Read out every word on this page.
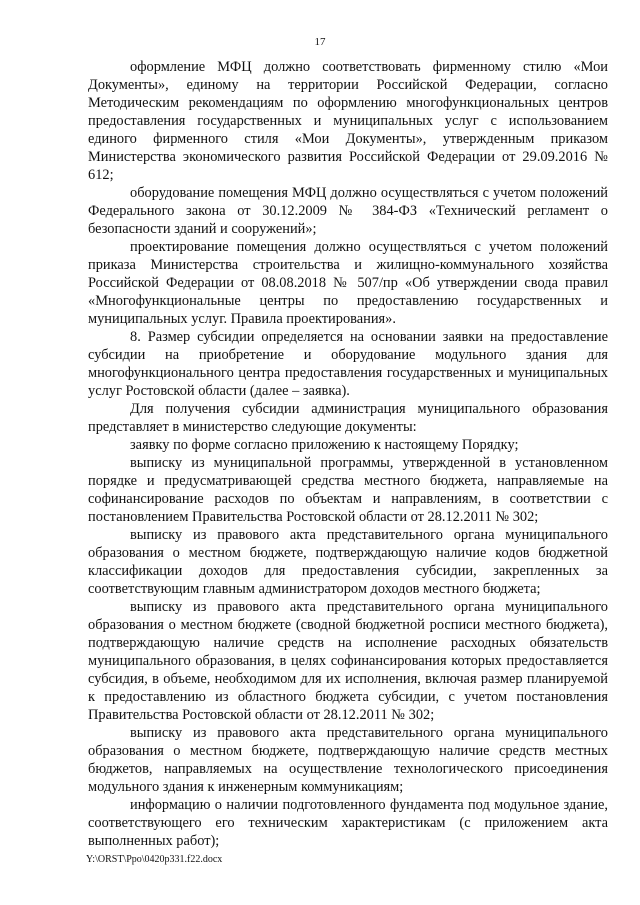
17

оформление МФЦ должно соответствовать фирменному стилю «Мои Документы», единому на территории Российской Федерации, согласно Методическим рекомендациям по оформлению многофункциональных центров предоставления государственных и муниципальных услуг с использованием единого фирменного стиля «Мои Документы», утвержденным приказом Министерства экономического развития Российской Федерации от 29.09.2016 № 612;

оборудование помещения МФЦ должно осуществляться с учетом положений Федерального закона от 30.12.2009 № 384-ФЗ «Технический регламент о безопасности зданий и сооружений»;

проектирование помещения должно осуществляться с учетом положений приказа Министерства строительства и жилищно-коммунального хозяйства Российской Федерации от 08.08.2018 № 507/пр «Об утверждении свода правил «Многофункциональные центры по предоставлению государственных и муниципальных услуг. Правила проектирования».

8. Размер субсидии определяется на основании заявки на предоставление субсидии на приобретение и оборудование модульного здания для многофункционального центра предоставления государственных и муниципальных услуг Ростовской области (далее – заявка).

Для получения субсидии администрация муниципального образования представляет в министерство следующие документы:

заявку по форме согласно приложению к настоящему Порядку;

выписку из муниципальной программы, утвержденной в установленном порядке и предусматривающей средства местного бюджета, направляемые на софинансирование расходов по объектам и направлениям, в соответствии с постановлением Правительства Ростовской области от 28.12.2011 № 302;

выписку из правового акта представительного органа муниципального образования о местном бюджете, подтверждающую наличие кодов бюджетной классификации доходов для предоставления субсидии, закрепленных за соответствующим главным администратором доходов местного бюджета;

выписку из правового акта представительного органа муниципального образования о местном бюджете (сводной бюджетной росписи местного бюджета), подтверждающую наличие средств на исполнение расходных обязательств муниципального образования, в целях софинансирования которых предоставляется субсидия, в объеме, необходимом для их исполнения, включая размер планируемой к предоставлению из областного бюджета субсидии, с учетом постановления Правительства Ростовской области от 28.12.2011 № 302;

выписку из правового акта представительного органа муниципального образования о местном бюджете, подтверждающую наличие средств местных бюджетов, направляемых на осуществление технологического присоединения модульного здания к инженерным коммуникациям;

информацию о наличии подготовленного фундамента под модульное здание, соответствующего его техническим характеристикам (с приложением акта выполненных работ);

Y:\ORST\Ppo\0420p331.f22.docx
